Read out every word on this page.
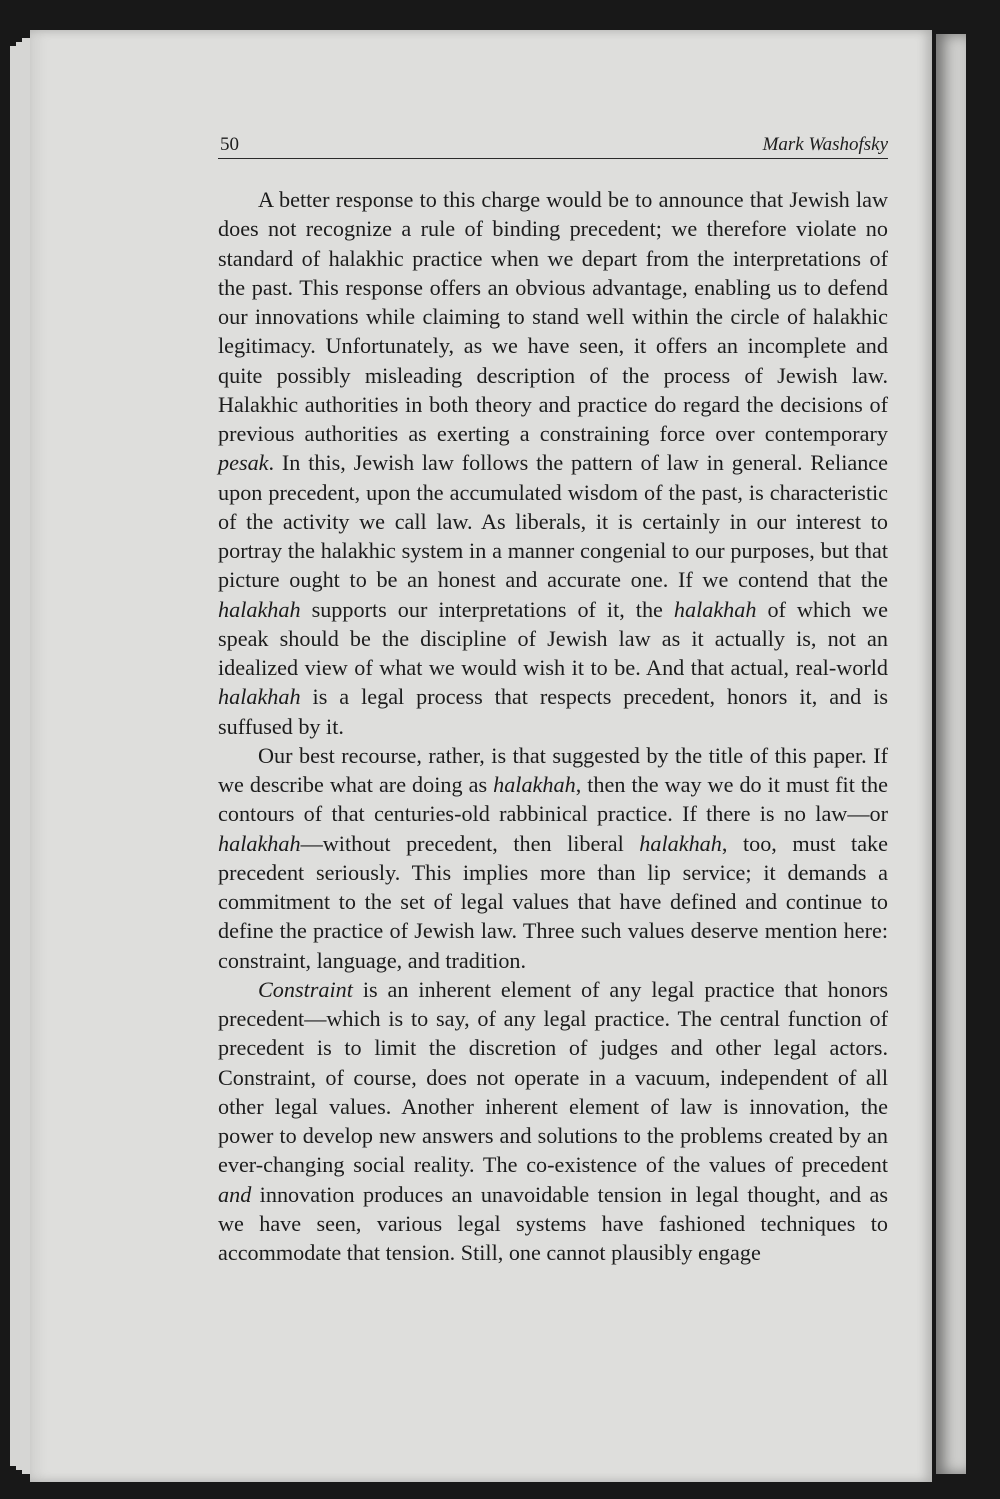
50	Mark Washofsky

A better response to this charge would be to announce that Jewish law does not recognize a rule of binding precedent; we therefore violate no standard of halakhic practice when we depart from the interpretations of the past. This response offers an obvious advantage, enabling us to defend our innovations while claiming to stand well within the circle of halakhic legitimacy. Unfortunately, as we have seen, it offers an incomplete and quite possibly misleading description of the process of Jewish law. Halakhic authorities in both theory and practice do regard the decisions of previous authorities as exerting a constraining force over contemporary pesak. In this, Jewish law follows the pattern of law in general. Reliance upon precedent, upon the accumulated wisdom of the past, is characteristic of the activity we call law. As liberals, it is certainly in our interest to portray the halakhic system in a manner congenial to our purposes, but that picture ought to be an honest and accurate one. If we contend that the halakhah supports our interpretations of it, the halakhah of which we speak should be the discipline of Jewish law as it actually is, not an idealized view of what we would wish it to be. And that actual, real-world halakhah is a legal process that respects precedent, honors it, and is suffused by it.

Our best recourse, rather, is that suggested by the title of this paper. If we describe what are doing as halakhah, then the way we do it must fit the contours of that centuries-old rabbinical practice. If there is no law—or halakhah—without precedent, then liberal halakhah, too, must take precedent seriously. This implies more than lip service; it demands a commitment to the set of legal values that have defined and continue to define the practice of Jewish law. Three such values deserve mention here: constraint, language, and tradition.

Constraint is an inherent element of any legal practice that honors precedent—which is to say, of any legal practice. The central function of precedent is to limit the discretion of judges and other legal actors. Constraint, of course, does not operate in a vacuum, independent of all other legal values. Another inherent element of law is innovation, the power to develop new answers and solutions to the problems created by an ever-changing social reality. The co-existence of the values of precedent and innovation produces an unavoidable tension in legal thought, and as we have seen, various legal systems have fashioned techniques to accommodate that tension. Still, one cannot plausibly engage
